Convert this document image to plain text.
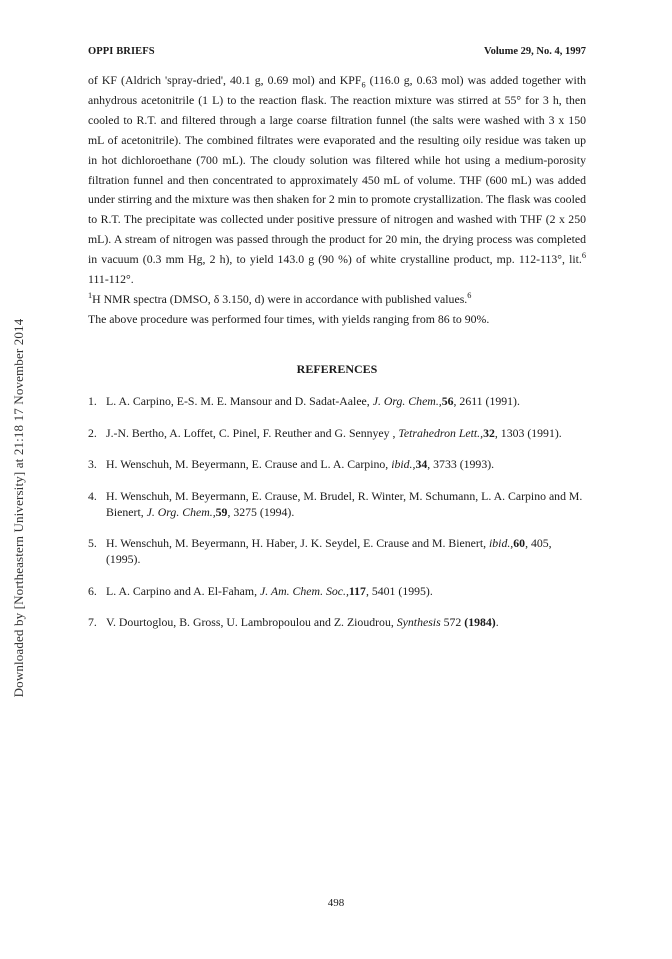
OPPI BRIEFS	Volume 29, No. 4, 1997
Downloaded by [Northeastern University] at 21:18 17 November 2014

of KF (Aldrich 'spray-dried', 40.1 g, 0.69 mol) and $KPF_6$ (116.0 g, 0.63 mol) was added together with anhydrous acetonitrile (1 L) to the reaction flask. The reaction mixture was stirred at 55° for 3 h, then cooled to R.T. and filtered through a large coarse filtration funnel (the salts were washed with 3 x 150 mL of acetonitrile). The combined filtrates were evaporated and the resulting oily residue was taken up in hot dichloroethane (700 mL). The cloudy solution was filtered while hot using a medium-porosity filtration funnel and then concentrated to approximately 450 mL of volume. THF (600 mL) was added under stirring and the mixture was then shaken for 2 min to promote crystallization. The flask was cooled to R.T. The precipitate was collected under positive pressure of nitrogen and washed with THF (2 x 250 mL). A stream of nitrogen was passed through the product for 20 min, the drying process was completed in vacuum (0.3 mm Hg, 2 h), to yield 143.0 g (90 %) of white crystalline product, mp. 112-113°, lit.$^6$ 111-112°.

$^1$H NMR spectra (DMSO, δ 3.150, d) were in accordance with published values.$^6$

The above procedure was performed four times, with yields ranging from 86 to 90%.

REFERENCES
1. L. A. Carpino, E-S. M. E. Mansour and D. Sadat-Aalee, J. Org. Chem.,56, 2611 (1991).
2. J.-N. Bertho, A. Loffet, C. Pinel, F. Reuther and G. Sennyey , Tetrahedron Lett.,32, 1303 (1991).
3. H. Wenschuh, M. Beyermann, E. Crause and L. A. Carpino, ibid.,34, 3733 (1993).
4. H. Wenschuh, M. Beyermann, E. Crause, M. Brudel, R. Winter, M. Schumann, L. A. Carpino and M. Bienert, J. Org. Chem.,59, 3275 (1994).
5. H. Wenschuh, M. Beyermann, H. Haber, J. K. Seydel, E. Crause and M. Bienert, ibid.,60, 405, (1995).
6. L. A. Carpino and A. El-Faham, J. Am. Chem. Soc.,117, 5401 (1995).
7. V. Dourtoglou, B. Gross, U. Lambropoulou and Z. Zioudrou, Synthesis 572 (1984).
498
